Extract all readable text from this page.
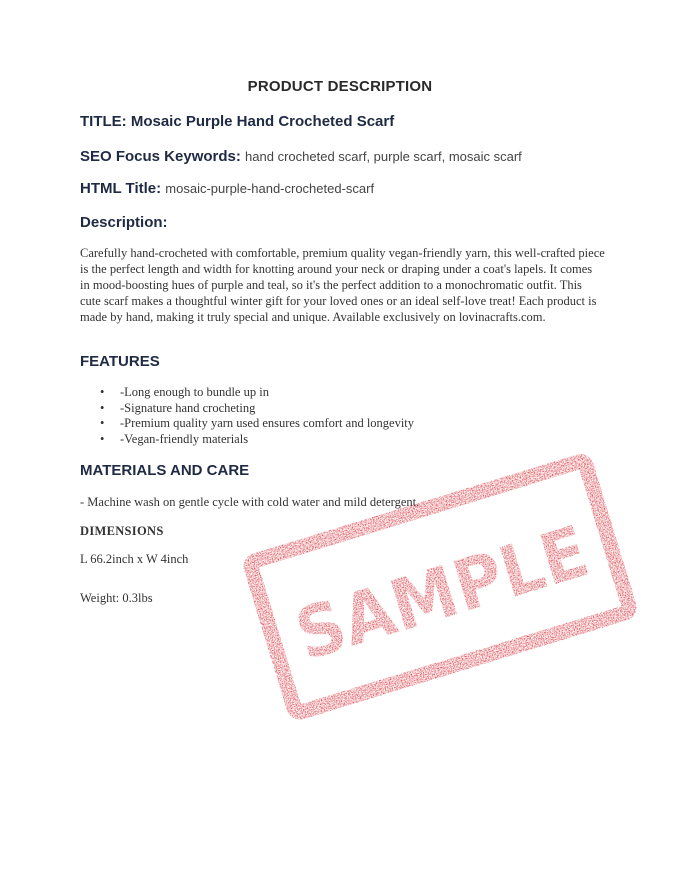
PRODUCT DESCRIPTION
TITLE: Mosaic Purple Hand Crocheted Scarf
SEO Focus Keywords: hand crocheted scarf, purple scarf, mosaic scarf
HTML Title: mosaic-purple-hand-crocheted-scarf
Description:
Carefully hand-crocheted with comfortable, premium quality vegan-friendly yarn, this well-crafted piece is the perfect length and width for knotting around your neck or draping under a coat's lapels. It comes in mood-boosting hues of purple and teal, so it's the perfect addition to a monochromatic outfit. This cute scarf makes a thoughtful winter gift for your loved ones or an ideal self-love treat! Each product is made by hand, making it truly special and unique. Available exclusively on lovinacrafts.com.
FEATURES
• -Long enough to bundle up in
• -Signature hand crocheting
• -Premium quality yarn used ensures comfort and longevity
• -Vegan-friendly materials
MATERIALS AND CARE
- Machine wash on gentle cycle with cold water and mild detergent.
DIMENSIONS
L 66.2inch x W 4inch
Weight: 0.3lbs SAMPLE
